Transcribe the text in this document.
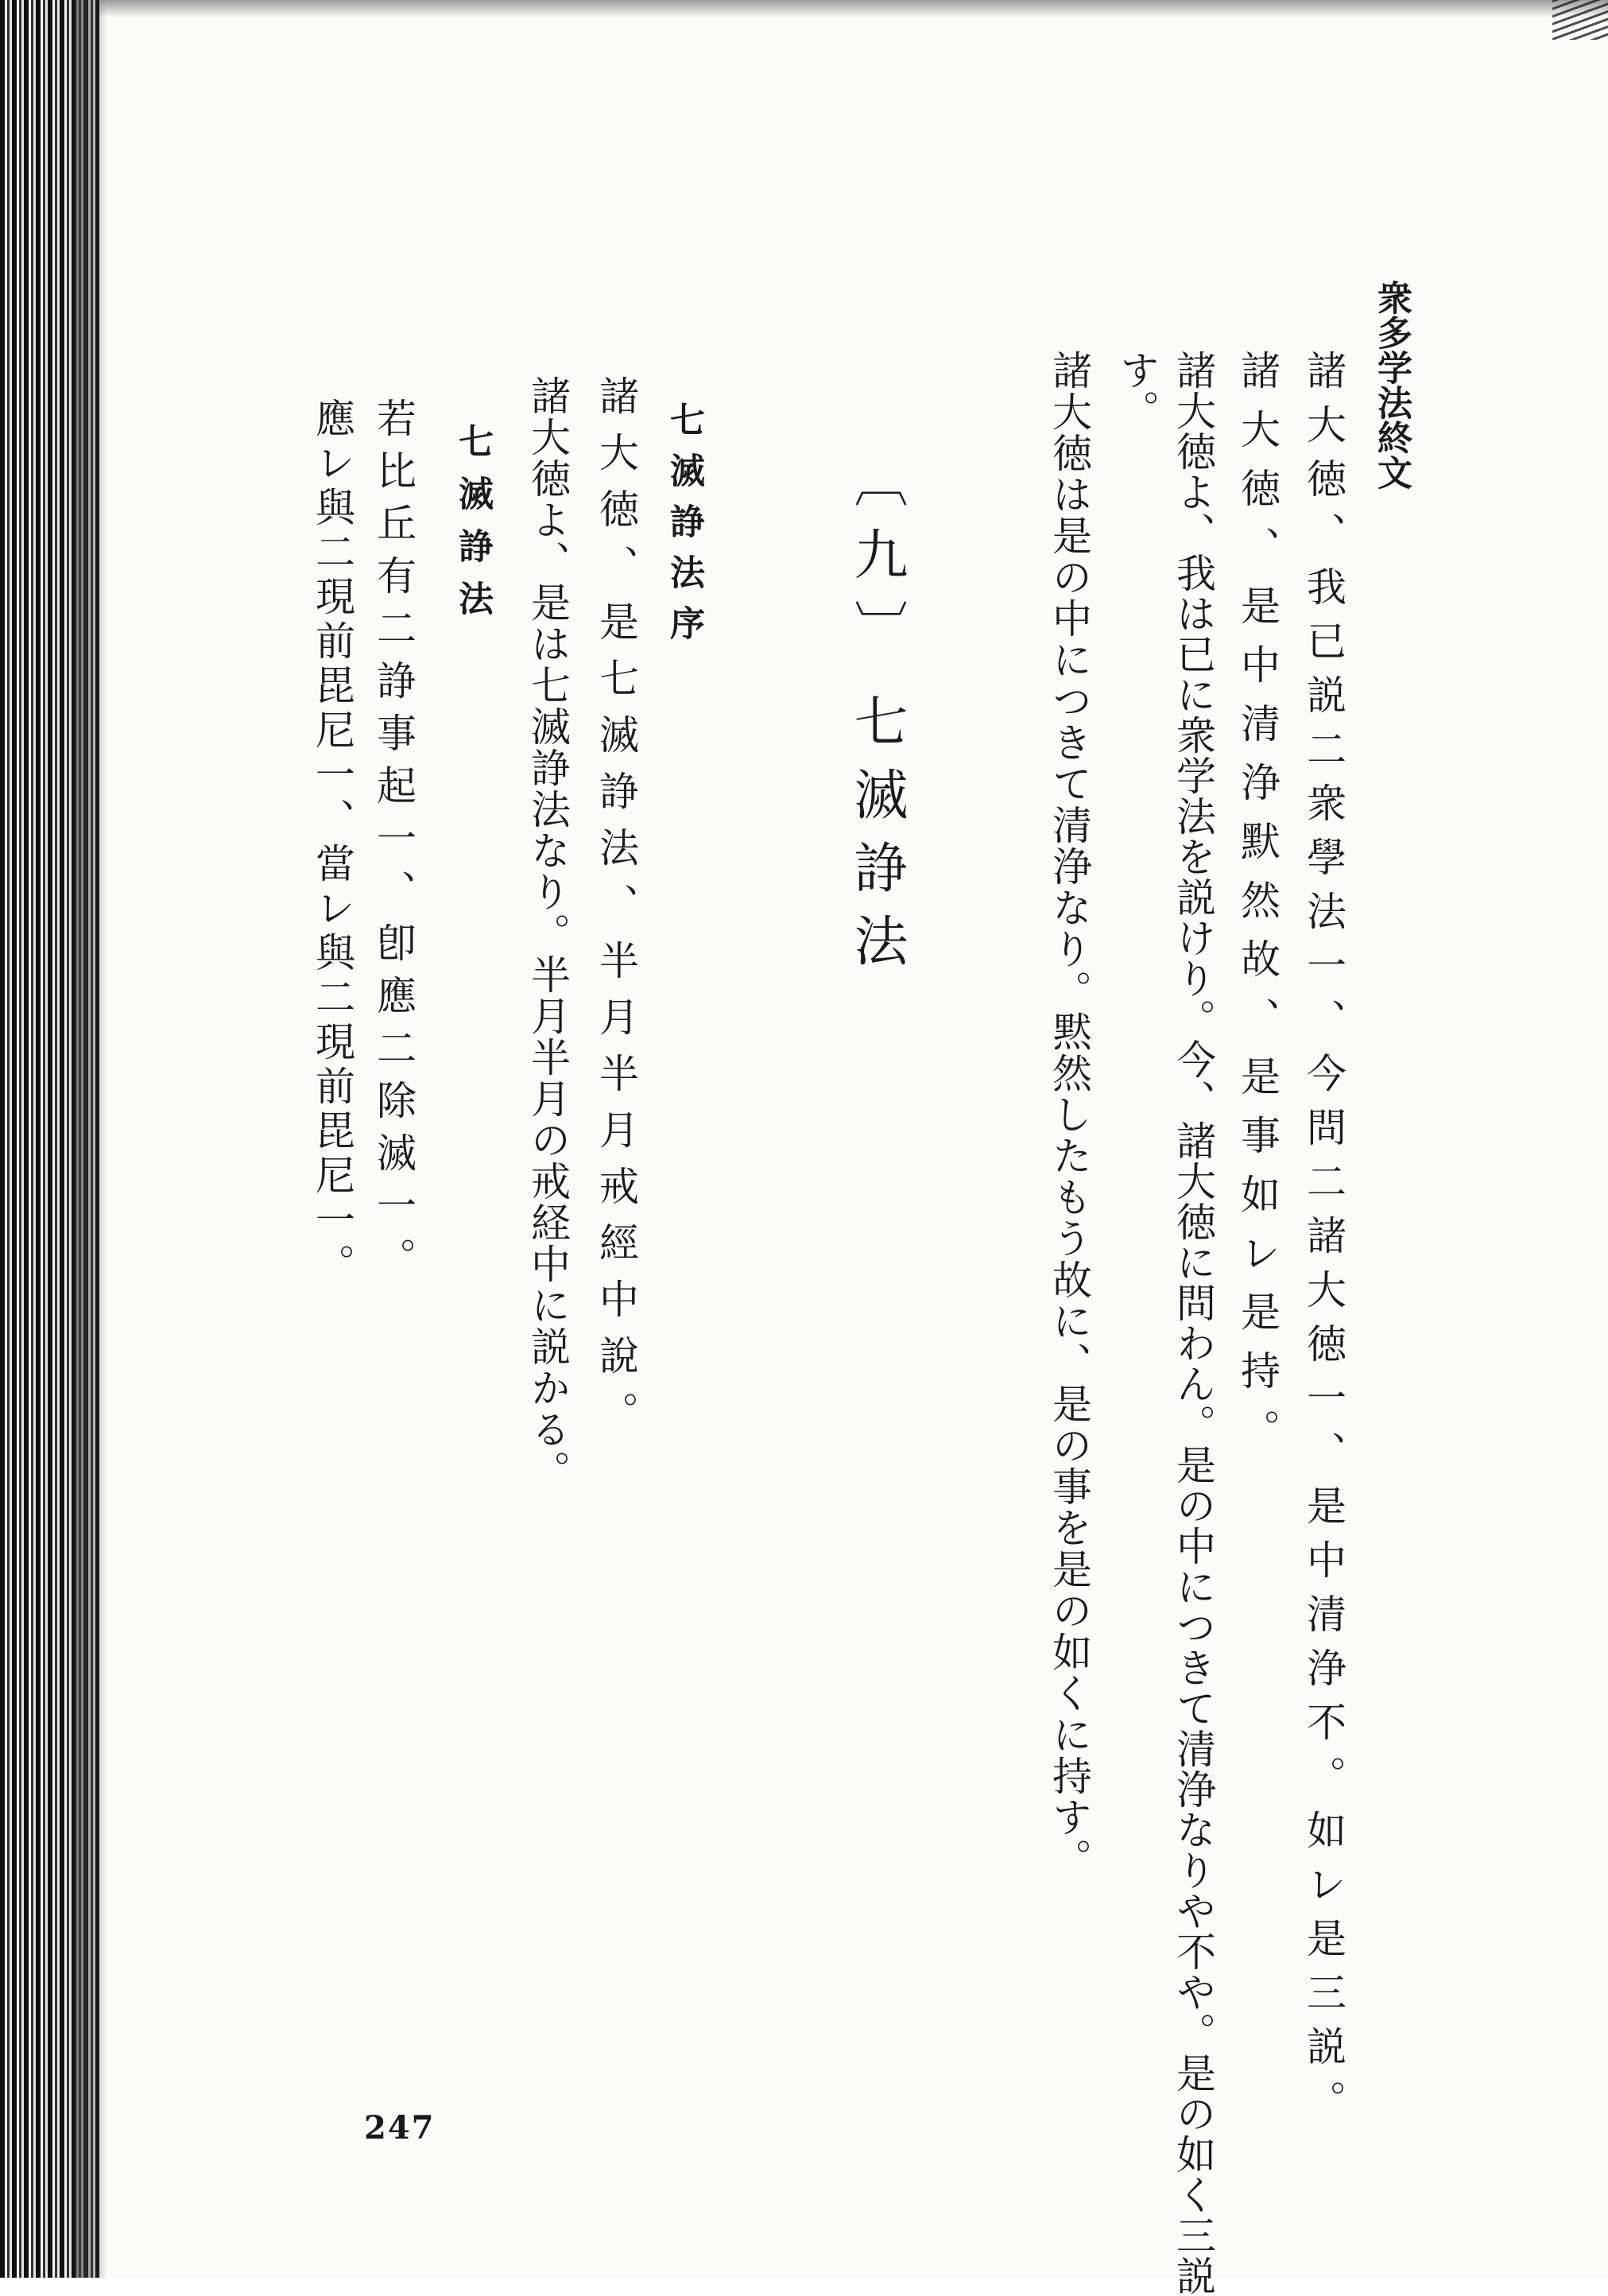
衆多学法終文
諸大徳、我已説二衆學法一、今問二諸大徳一、是中清浄不。如レ是三説。
諸大徳、是中清浄默然故、是事如レ是持。
諸大徳よ、我は已に衆学法を説けり。今、諸大徳に問わん。是の中につきて清浄なりや不や。是の如く三説
す。
諸大徳は是の中につきて清浄なり。黙然したもう故に、是の事を是の如くに持す。
〔九〕七滅諍法
七滅諍法序
諸大徳、是七滅諍法、半月半月戒經中說。
諸大徳よ、是は七滅諍法なり。半月半月の戒経中に説かる。
七滅諍法
若比丘有二諍事起一、卽應二除滅一。
應レ與二現前毘尼一、當レ與二現前毘尼一。
247
